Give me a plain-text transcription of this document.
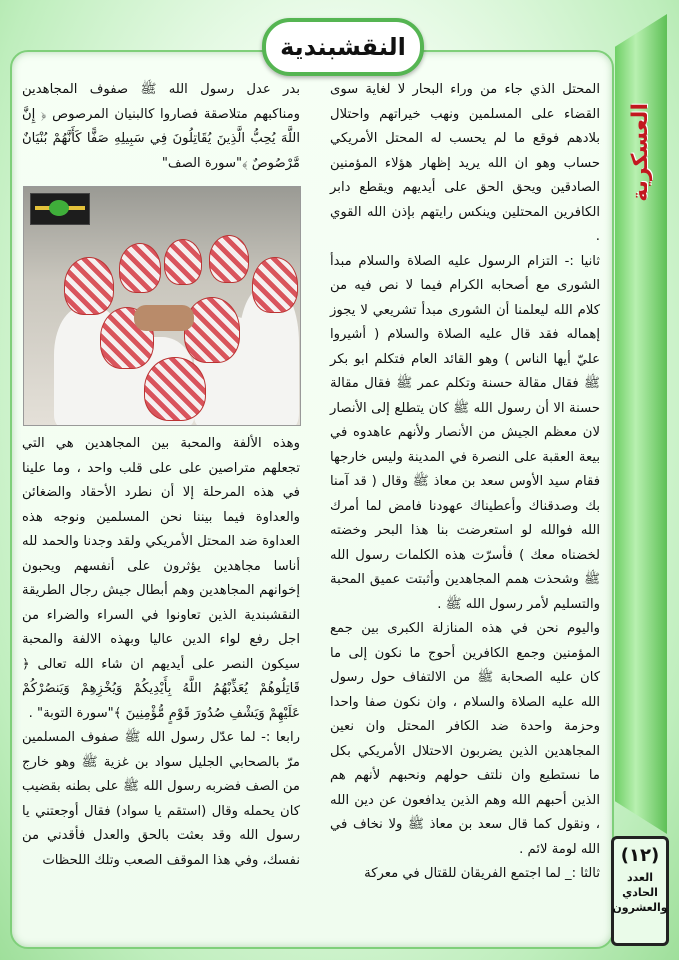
العسكرية
النقشبندية
(١٢)
العدد
الحادي
والعشرون

المحتل الذي جاء من وراء البحار لا لغاية سوى القضاء على المسلمين ونهب خيراتهم واحتلال بلادهم فوقع ما لم يحسب له المحتل الأمريكي حساب وهو ان الله يريد إظهار هؤلاء المؤمنين الصادقين ويحق الحق على أيديهم ويقطع دابر الكافرين المحتلين وينكس رايتهم بإذن الله القوي .

ثانيا :- التزام الرسول عليه الصلاة والسلام مبدأ الشورى مع أصحابه الكرام فيما لا نص فيه من كلام الله ليعلمنا أن الشورى مبدأ تشريعي لا يجوز إهماله فقد قال عليه الصلاة والسلام ( أشيروا عليّ أيها الناس ) وهو القائد العام فتكلم ابو بكر ﷺ فقال مقالة حسنة وتكلم عمر ﷺ فقال مقالة حسنة الا أن رسول الله ﷺ كان يتطلع إلى الأنصار لان معظم الجيش من الأنصار ولأنهم عاهدوه في بيعة العقبة على النصرة في المدينة وليس خارجها فقام سيد الأوس سعد بن معاذ ﷺ وقال ( قد آمنا بك وصدقناك وأعطيناك عهودنا فامض لما أمرك الله فوالله لو استعرضت بنا هذا البحر وخضته لخضناه معك ) فأسرّت هذه الكلمات رسول الله ﷺ وشحذت همم المجاهدين وأثبتت عميق المحبة والتسليم لأمر رسول الله ﷺ .

واليوم نحن في هذه المنازلة الكبرى بين جمع المؤمنين وجمع الكافرين أحوج ما نكون إلى ما كان عليه الصحابة ﷺ من الالتفاف حول رسول الله عليه الصلاة والسلام ، وان نكون صفا واحدا وحزمة واحدة ضد الكافر المحتل وان نعين المجاهدين الذين يضربون الاحتلال الأمريكي بكل ما نستطيع وان نلتف حولهم ونحبهم لأنهم هم الذين أحبهم الله وهم الذين يدافعون عن دين الله ، ونقول كما قال سعد بن معاذ ﷺ ولا نخاف في الله لومة لائم .

ثالثا :_ لما اجتمع الفريقان للقتال في معركة

بدر عدل رسول الله ﷺ صفوف المجاهدين ومناكبهم متلاصقة فصاروا كالبنيان المرصوص ﴿ إِنَّ اللَّهَ يُحِبُّ الَّذِينَ يُقَاتِلُونَ فِي سَبِيلِهِ صَفًّا كَأَنَّهُمْ بُنْيَانٌ مَّرْصُوصٌ ﴾"سورة الصف"

وهذه الألفة والمحبة بين المجاهدين هي التي تجعلهم متراصين على على قلب واحد ، وما علينا في هذه المرحلة إلا أن نطرد الأحقاد والضغائن والعداوة فيما بيننا نحن المسلمين ونوجه هذه العداوة ضد المحتل الأمريكي ولقد وجدنا والحمد لله أناسا مجاهدين يؤثرون على أنفسهم ويحبون إخوانهم المجاهدين وهم أبطال جيش رجال الطريقة النقشبندية الذين تعاونوا في السراء والضراء من اجل رفع لواء الدين عاليا وبهذه الالفة والمحبة سيكون النصر على أيديهم ان شاء الله تعالى ﴿ قَاتِلُوهُمْ يُعَذِّبْهُمُ اللَّهُ بِأَيْدِيكُمْ وَيُخْزِهِمْ وَيَنصُرْكُمْ عَلَيْهِمْ وَيَشْفِ صُدُورَ قَوْمٍ مُّؤْمِنِينَ ﴾"سورة التوبة" .

رابعا :- لما عدّل رسول الله ﷺ صفوف المسلمين مرّ بالصحابي الجليل سواد بن غزية ﷺ وهو خارج من الصف فضربه رسول الله ﷺ على بطنه بقضيب كان يحمله وقال (استقم يا سواد) فقال أوجعتني يا رسول الله وقد بعثت بالحق والعدل فأقدني من نفسك، وفي هذا الموقف الصعب وتلك اللحظات
